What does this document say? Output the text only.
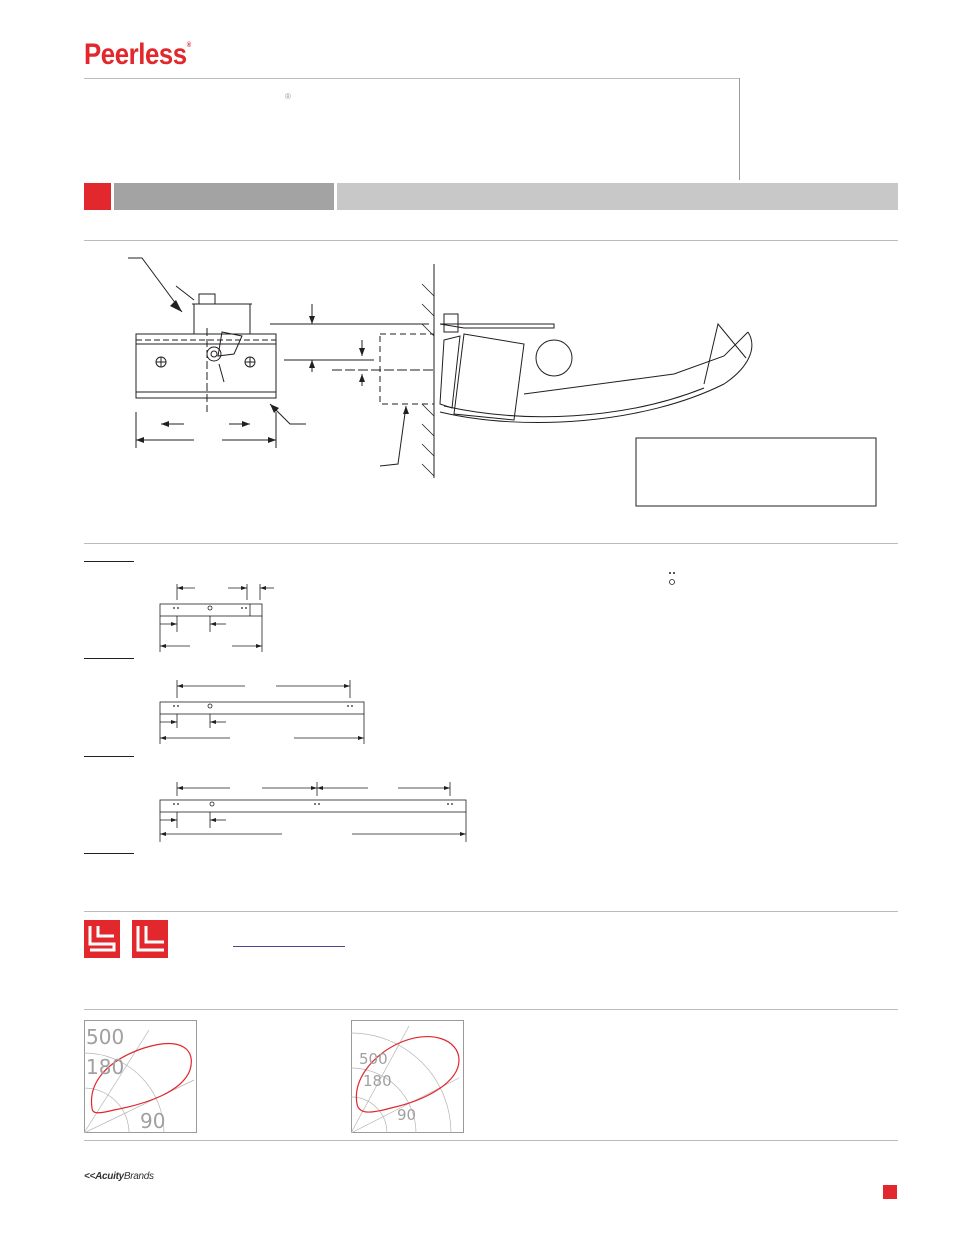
Peerless®
®
500
180
90
500
180
90
<<AcuityBrands
